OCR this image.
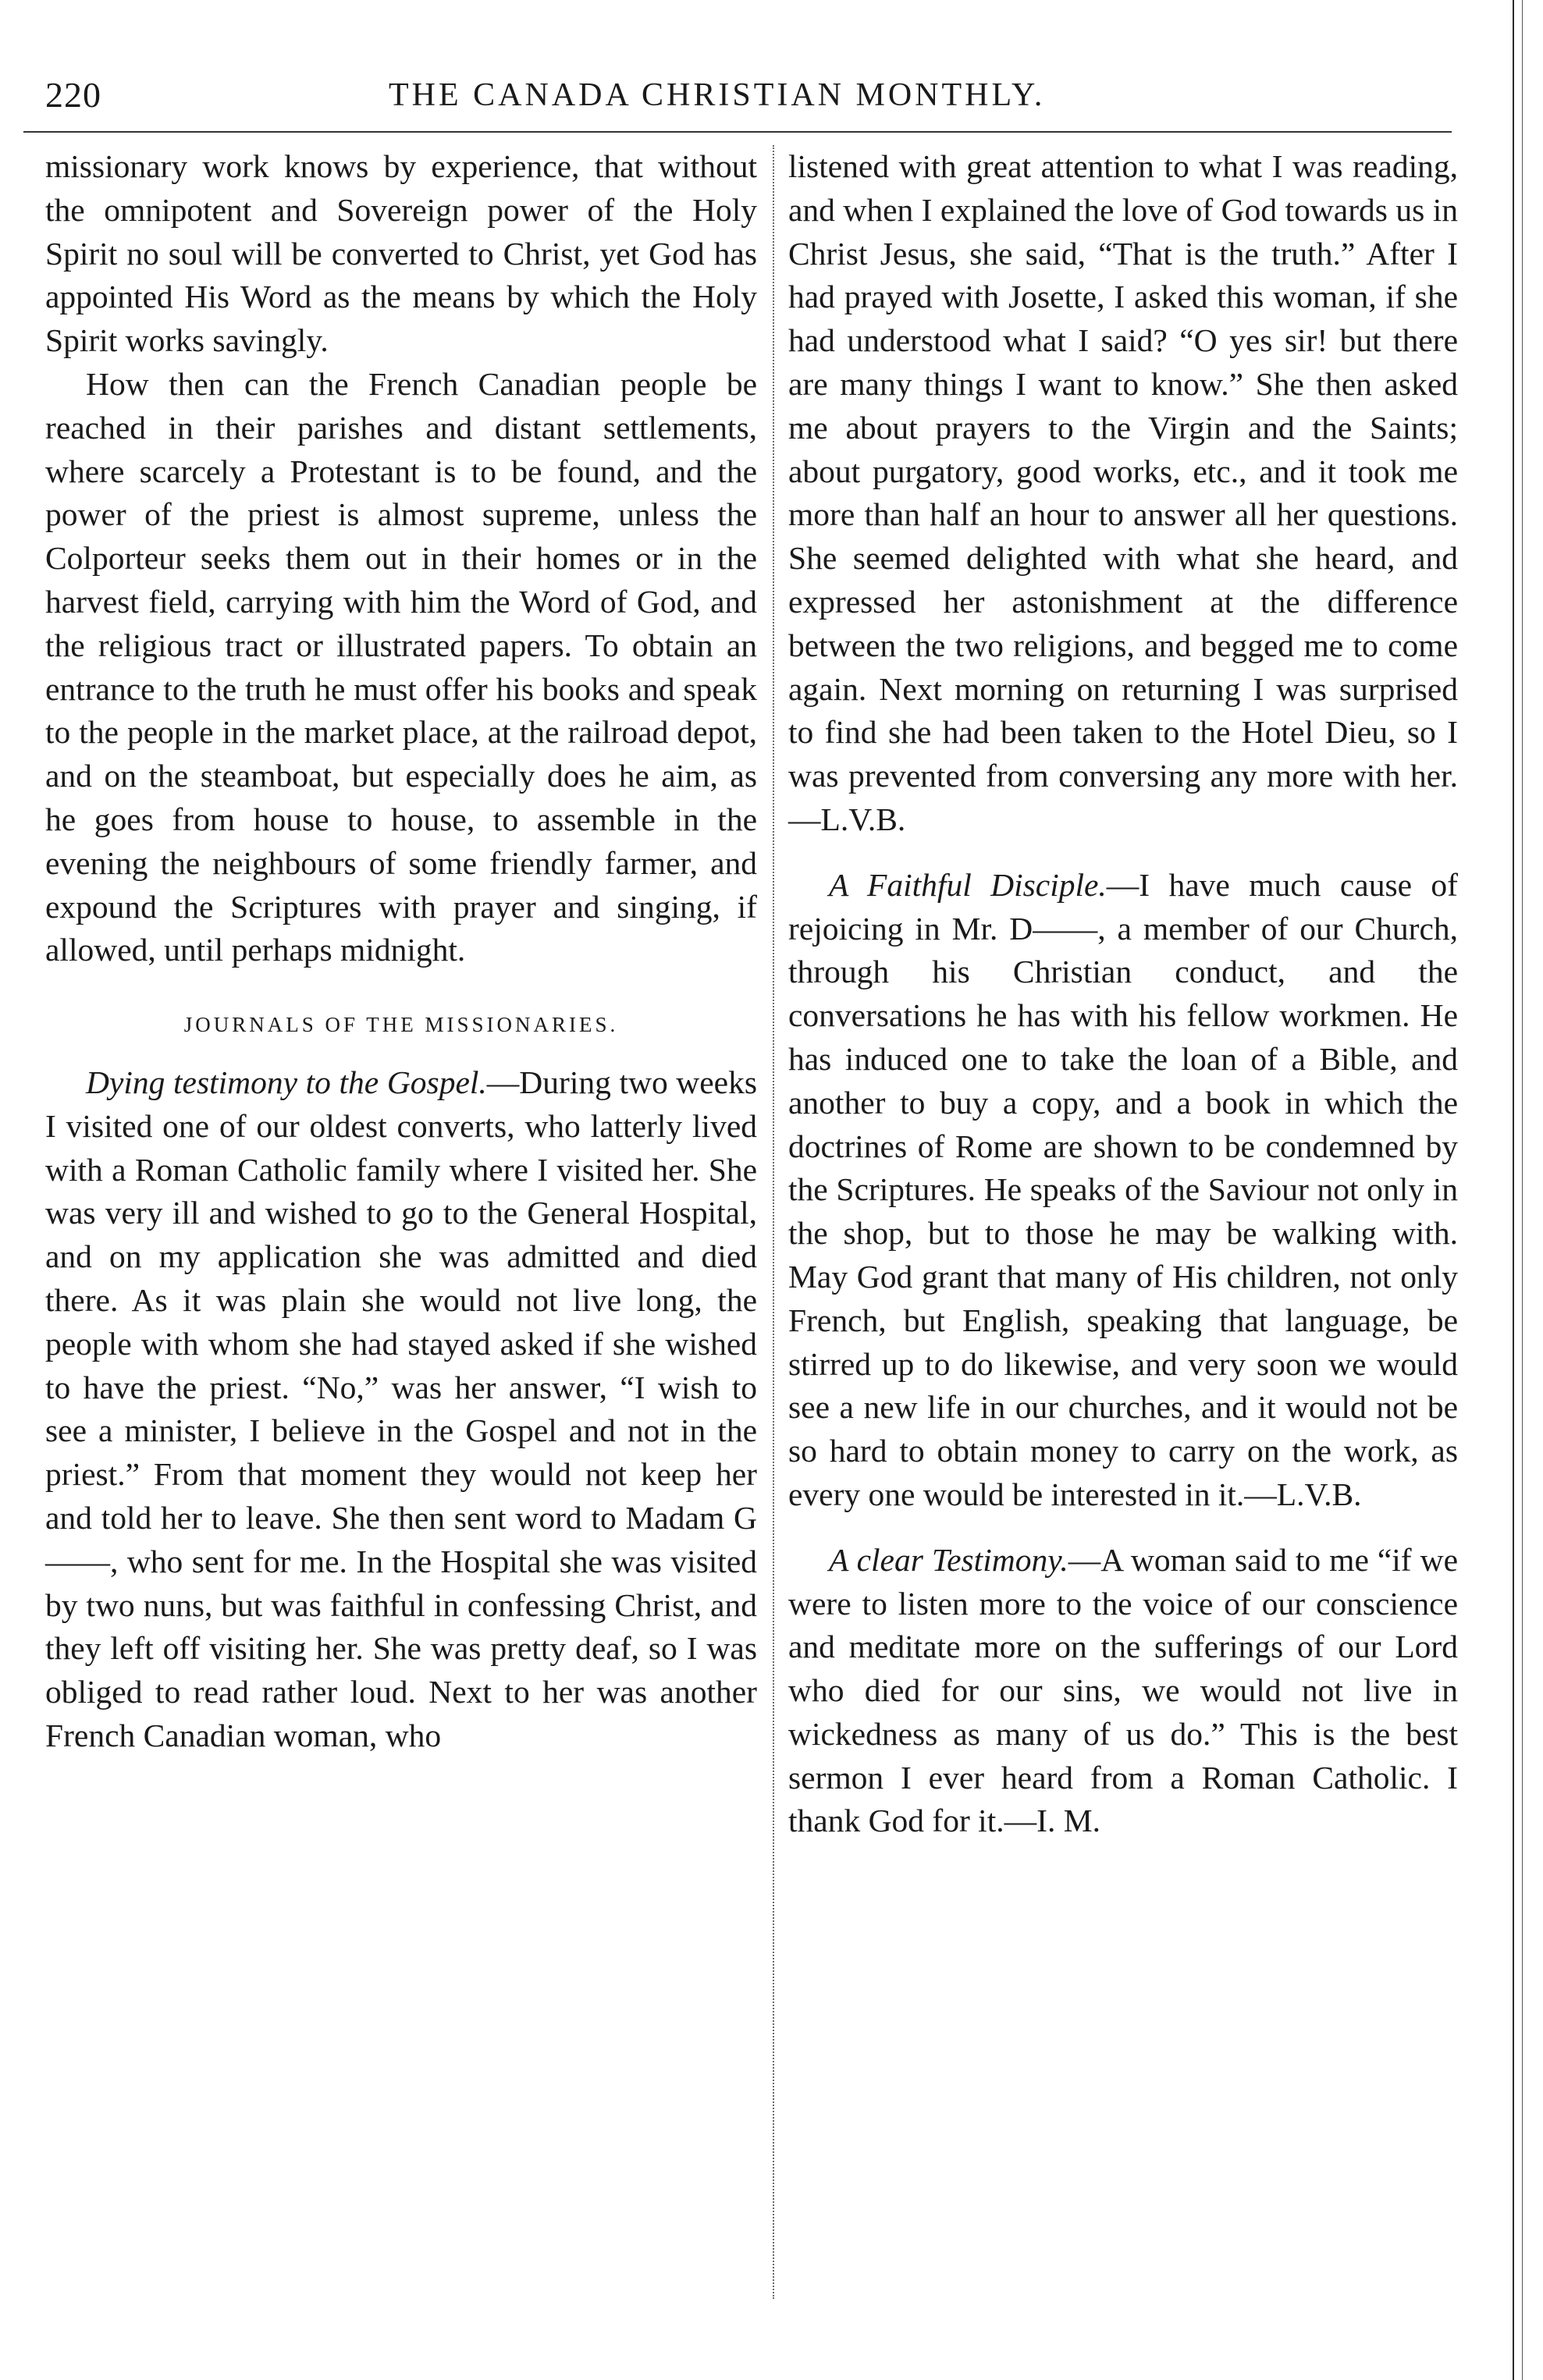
220	THE CANADA CHRISTIAN MONTHLY.

missionary work knows by experience, that without the omnipotent and Sovereign power of the Holy Spirit no soul will be converted to Christ, yet God has appointed His Word as the means by which the Holy Spirit works savingly.

How then can the French Canadian people be reached in their parishes and distant settlements, where scarcely a Protestant is to be found, and the power of the priest is almost supreme, unless the Colporteur seeks them out in their homes or in the harvest field, carrying with him the Word of God, and the religious tract or illustrated papers. To obtain an entrance to the truth he must offer his books and speak to the people in the market place, at the railroad depot, and on the steamboat, but especially does he aim, as he goes from house to house, to assemble in the evening the neighbours of some friendly farmer, and expound the Scriptures with prayer and singing, if allowed, until perhaps midnight.

JOURNALS OF THE MISSIONARIES.

Dying testimony to the Gospel.—During two weeks I visited one of our oldest converts, who latterly lived with a Roman Catholic family where I visited her. She was very ill and wished to go to the General Hospital, and on my application she was admitted and died there. As it was plain she would not live long, the people with whom she had stayed asked if she wished to have the priest. “No,” was her answer, “I wish to see a minister, I believe in the Gospel and not in the priest.” From that moment they would not keep her and told her to leave. She then sent word to Madam G——, who sent for me. In the Hospital she was visited by two nuns, but was faithful in confessing Christ, and they left off visiting her. She was pretty deaf, so I was obliged to read rather loud. Next to her was another French Canadian woman, who

listened with great attention to what I was reading, and when I explained the love of God towards us in Christ Jesus, she said, “That is the truth.” After I had prayed with Josette, I asked this woman, if she had understood what I said? “O yes sir! but there are many things I want to know.” She then asked me about prayers to the Virgin and the Saints; about purgatory, good works, etc., and it took me more than half an hour to answer all her questions. She seemed delighted with what she heard, and expressed her astonishment at the difference between the two religions, and begged me to come again. Next morning on returning I was surprised to find she had been taken to the Hotel Dieu, so I was prevented from conversing any more with her.—L.V.B.

A Faithful Disciple.—I have much cause of rejoicing in Mr. D——, a member of our Church, through his Christian conduct, and the conversations he has with his fellow workmen. He has induced one to take the loan of a Bible, and another to buy a copy, and a book in which the doctrines of Rome are shown to be condemned by the Scriptures. He speaks of the Saviour not only in the shop, but to those he may be walking with. May God grant that many of His children, not only French, but English, speaking that language, be stirred up to do likewise, and very soon we would see a new life in our churches, and it would not be so hard to obtain money to carry on the work, as every one would be interested in it.—L.V.B.

A clear Testimony.—A woman said to me “if we were to listen more to the voice of our conscience and meditate more on the sufferings of our Lord who died for our sins, we would not live in wickedness as many of us do.” This is the best sermon I ever heard from a Roman Catholic. I thank God for it.—I. M.
